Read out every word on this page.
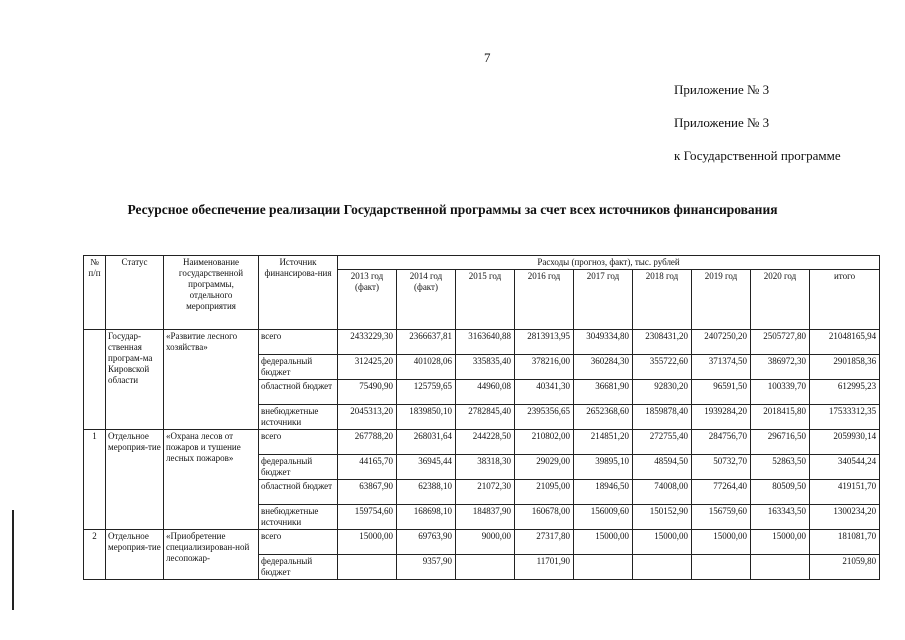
7
Приложение № 3
Приложение № 3
к Государственной программе
Ресурсное обеспечение реализации Государственной программы за счет всех источников финансирования
№ п/п	Статус	Наименование государственной программы, отдельного мероприятия	Источник финансирова-ния	Расходы (прогноз, факт), тыс. рублей								
				2013 год (факт)	2014 год (факт)	2015 год	2016 год	2017 год	2018 год	2019 год	2020 год	итого
	Государ-ственная програм-ма Кировской области	«Развитие лесного хозяйства»	всего	2433229,30	2366637,81	3163640,88	2813913,95	3049334,80	2308431,20	2407250,20	2505727,80	21048165,94
			федеральный бюджет	312425,20	401028,06	335835,40	378216,00	360284,30	355722,60	371374,50	386972,30	2901858,36
			областной бюджет	75490,90	125759,65	44960,08	40341,30	36681,90	92830,20	96591,50	100339,70	612995,23
			внебюджетные источники	2045313,20	1839850,10	2782845,40	2395356,65	2652368,60	1859878,40	1939284,20	2018415,80	17533312,35
1	Отдельное мероприя-тие	«Охрана лесов от пожаров и тушение лесных пожаров»	всего	267788,20	268031,64	244228,50	210802,00	214851,20	272755,40	284756,70	296716,50	2059930,14
			федеральный бюджет	44165,70	36945,44	38318,30	29029,00	39895,10	48594,50	50732,70	52863,50	340544,24
			областной бюджет	63867,90	62388,10	21072,30	21095,00	18946,50	74008,00	77264,40	80509,50	419151,70
			внебюджетные источники	159754,60	168698,10	184837,90	160678,00	156009,60	150152,90	156759,60	163343,50	1300234,20
2	Отдельное мероприя-тие	«Приобретение специализирован-ной лесопожар-	всего	15000,00	69763,90	9000,00	27317,80	15000,00	15000,00	15000,00	15000,00	181081,70
			федеральный бюджет		9357,90		11701,90					21059,80
